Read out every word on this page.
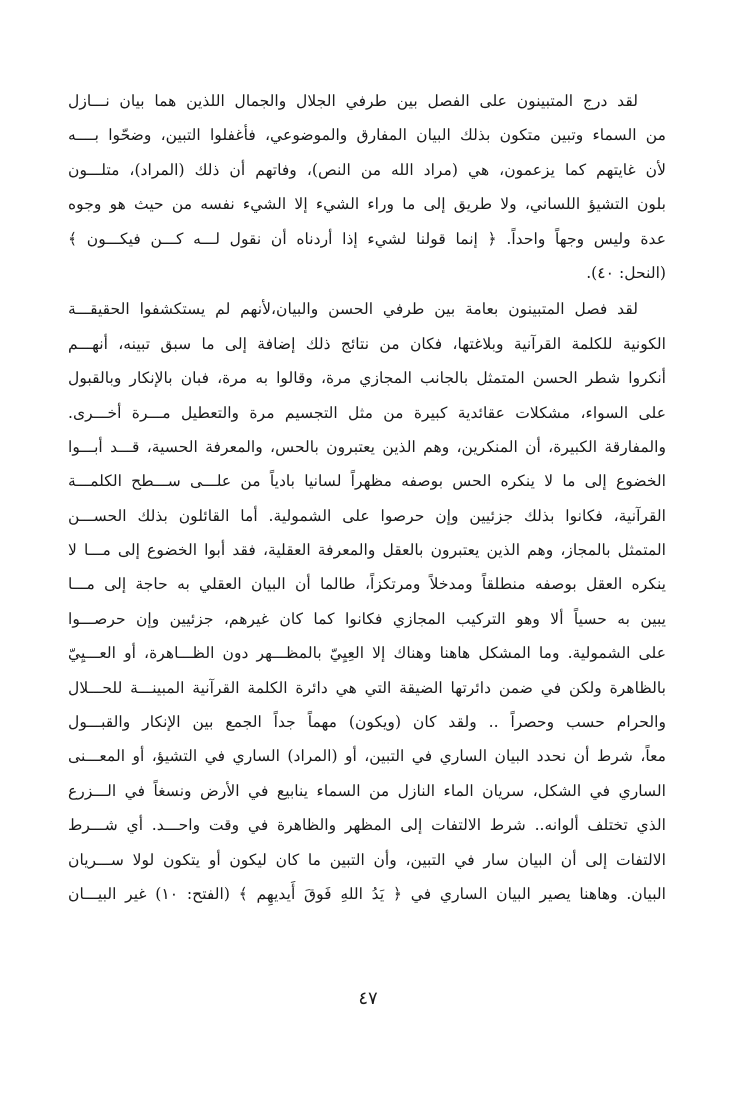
لقد درج المتبينون على الفصل بين طرفي الجلال والجمال اللذين هما بيان نـــازل
من السماء وتبين متكون بذلك البيان المفارق والموضوعي، فأغفلوا التبين، وضحّوا بــــه
لأن غايتهم كما يزعمون، هي (مراد الله من النص)، وفاتهم أن ذلك (المراد)، متلـــون
بلون التشيؤ اللساني، ولا طريق إلى ما وراء الشيء إلا الشيء نفسه من حيث هو وجوه
عدة وليس وجهاً واحداً. ﴿ إنما قولنا لشيء إذا أردناه أن نقول لـــه كـــن فيكـــون ﴾
(النحل: ٤٠).
لقد فصل المتبينون بعامة بين طرفي الحسن والبيان،لأنهم لم يستكشفوا الحقيقـــة
الكونية للكلمة القرآنية وبلاغتها، فكان من نتائج ذلك إضافة إلى ما سبق تبينه، أنهـــم
أنكروا شطر الحسن المتمثل بالجانب المجازي مرة، وقالوا به مرة، فبان بالإنكار وبالقبول
على السواء، مشكلات عقائدية كبيرة من مثل التجسيم مرة والتعطيل مـــرة أخـــرى.
والمفارقة الكبيرة، أن المنكرين، وهم الذين يعتبرون بالحس، والمعرفة الحسية، قـــد أبـــوا
الخضوع إلى ما لا ينكره الحس بوصفه مظهراً لسانيا بادياً من علـــى ســـطح الكلمـــة
القرآنية، فكانوا بذلك جزئيين وإن حرصوا على الشمولية. أما القائلون بذلك الحســـن
المتمثل بالمجاز، وهم الذين يعتبرون بالعقل والمعرفة العقلية، فقد أبوا الخضوع إلى مـــا لا
ينكره العقل بوصفه منطلقاً ومدخلاً ومرتكزاً، طالما أن البيان العقلي به حاجة إلى مـــا
يبين به حسياً ألا وهو التركيب المجازي فكانوا كما كان غيرهم، جزئيين وإن حرصـــوا
على الشمولية. وما المشكل هاهنا وهناك إلا العِيِيّ بالمظـــهر دون الظـــاهرة، أو العـــيِيّ
بالظاهرة ولكن في ضمن دائرتها الضيقة التي هي دائرة الكلمة القرآنية المبينـــة للحـــلال
والحرام حسب وحصراً .. ولقد كان (ويكون) مهماً جداً الجمع بين الإنكار والقبـــول
معاً، شرط أن نحدد البيان الساري في التبين، أو (المراد) الساري في التشيؤ، أو المعـــنى
الساري في الشكل، سريان الماء النازل من السماء ينابيع في الأرض ونسغاً في الـــزرع
الذي تختلف ألوانه.. شرط الالتفات إلى المظهر والظاهرة في وقت واحـــد. أي شـــرط
الالتفات إلى أن البيان سار في التبين، وأن التبين ما كان ليكون أو يتكون لولا ســـريان
البيان. وهاهنا يصير البيان الساري في ﴿ يَدُ اللهِ فَوقَ أَيديهِم ﴾ (الفتح: ١٠) غير البيـــان
٤٧
